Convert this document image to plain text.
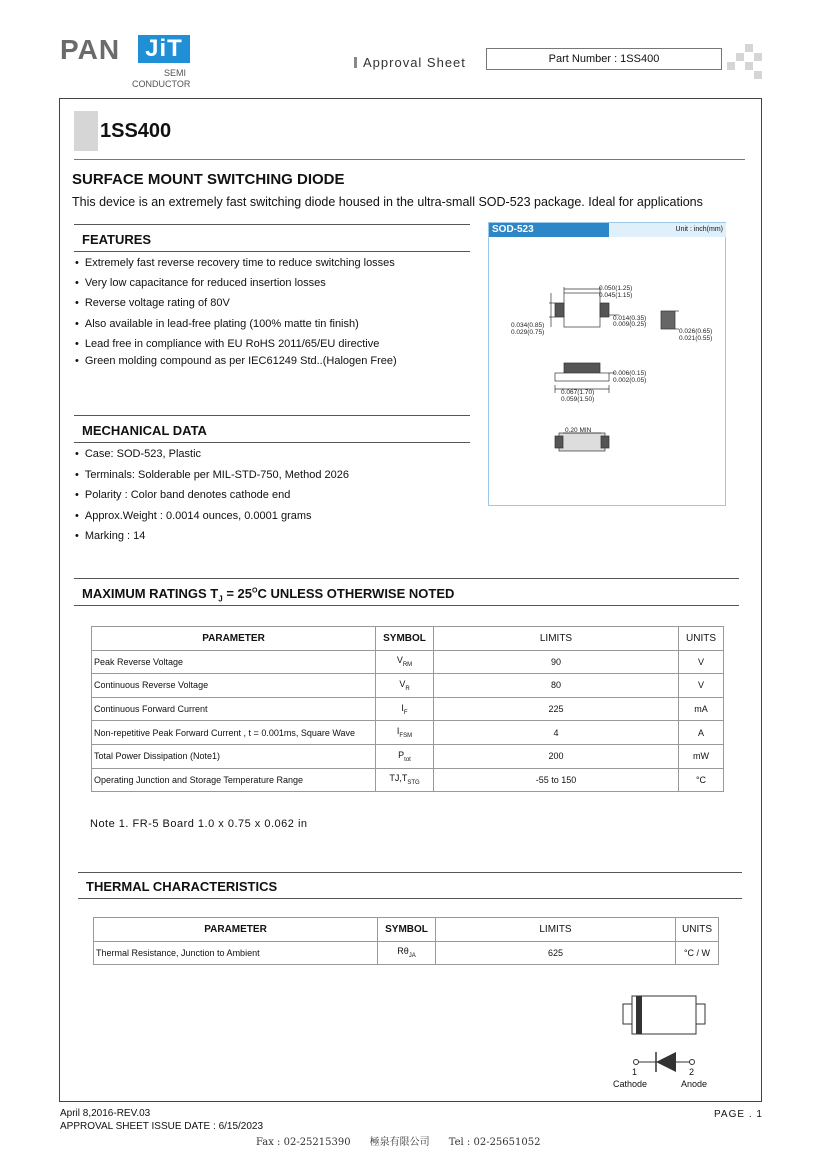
PAN JiT
SEMI
CONDUCTOR
Approval Sheet	Part Number : 1SS400
1SS400
SURFACE MOUNT SWITCHING DIODE
This device is an extremely fast switching diode housed in the ultra-small SOD-523 package. Ideal for applications
FEATURES
• Extremely fast reverse recovery time to reduce switching losses
• Very low capacitance for reduced insertion losses
• Reverse voltage rating of 80V
• Also available in lead-free plating (100% matte tin finish)
• Lead free in compliance with EU RoHS 2011/65/EU directive
• Green molding compound as per IEC61249 Std..(Halogen Free)
MECHANICAL DATA
• Case: SOD-523, Plastic
• Terminals: Solderable per MIL-STD-750, Method 2026
• Polarity : Color band denotes cathode end
• Approx.Weight : 0.0014 ounces, 0.0001 grams
• Marking : 14
SOD-523	Unit : inch(mm)
0.050(1.25)
0.045(1.15)
0.034(0.85)
0.029(0.75)
0.014(0.35)
0.009(0.25)
0.026(0.65)
0.021(0.55)
0.006(0.15)
0.002(0.05)
0.067(1.70)
0.059(1.50)
0.20 MIN
MAXIMUM RATINGS $T_J = 25^OC$ UNLESS OTHERWISE NOTED
PARAMETER	SYMBOL	LIMITS	UNITS
Peak Reverse Voltage	$V_{RM}$	90	V
Continuous Reverse Voltage	$V_R$	80	V
Continuous Forward Current	$I_F$	225	mA
Non-repetitive Peak Forward Current , t = 0.001ms, Square Wave	$I_{FSM}$	4	A
Total Power Dissipation (Note1)	$P_{tot}$	200	mW
Operating Junction and Storage Temperature Range	$TJ,T_{STG}$	-55 to 150	°C
Note 1. FR-5 Board 1.0 x 0.75 x 0.062 in
THERMAL CHARACTERISTICS
PARAMETER	SYMBOL	LIMITS	UNITS
Thermal Resistance, Junction to Ambient	$R\theta_{JA}$	625	°C / W
1	2
Cathode	Anode
April 8,2016-REV.03
APPROVAL SHEET ISSUE DATE : 6/15/2023
PAGE . 1
Fax : 02-25215390      極泉有限公司      Tel : 02-25651052
